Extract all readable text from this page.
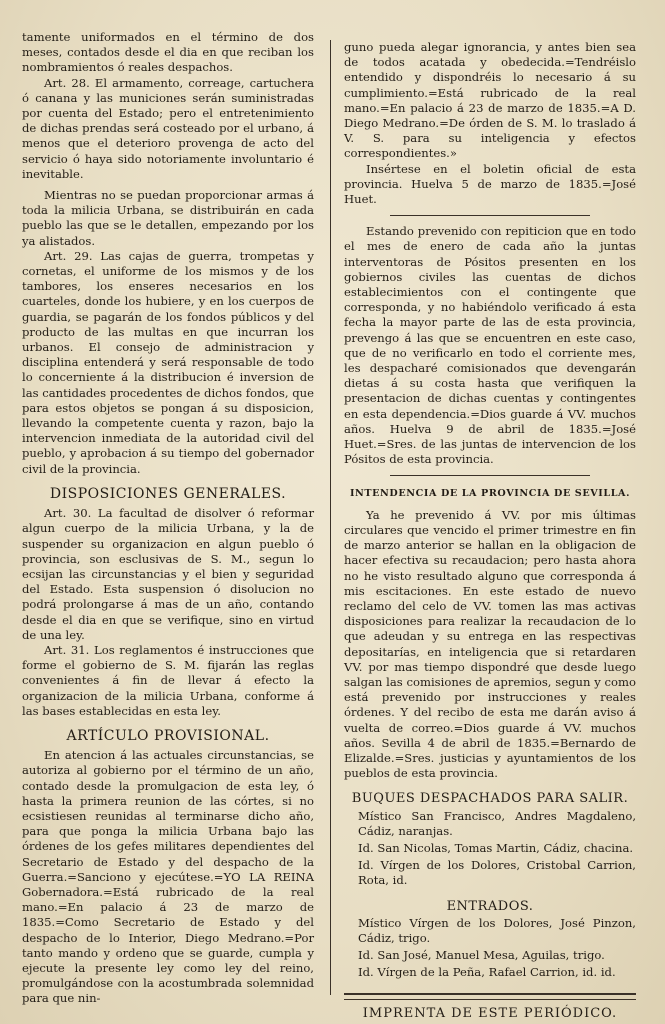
tamente uniformados en el término de dos meses, contados desde el dia en que reciban los nombramientos ó reales despachos.

Art. 28. El armamento, correage, cartuchera ó canana y las municiones serán suministradas por cuenta del Estado; pero el entretenimiento de dichas prendas será costeado por el urbano, á menos que el deterioro provenga de acto del servicio ó haya sido notoriamente involuntario é inevitable.

Mientras no se puedan proporcionar armas á toda la milicia Urbana, se distribuirán en cada pueblo las que se le detallen, empezando por los ya alistados.

Art. 29. Las cajas de guerra, trompetas y cornetas, el uniforme de los mismos y de los tambores, los enseres necesarios en los cuarteles, donde los hubiere, y en los cuerpos de guardia, se pagarán de los fondos públicos y del producto de las multas en que incurran los urbanos. El consejo de administracion y disciplina entenderá y será responsable de todo lo concerniente á la distribucion é inversion de las cantidades procedentes de dichos fondos, que para estos objetos se pongan á su disposicion, llevando la competente cuenta y razon, bajo la intervencion inmediata de la autoridad civil del pueblo, y aprobacion á su tiempo del gobernador civil de la provincia.

DISPOSICIONES GENERALES.

Art. 30. La facultad de disolver ó reformar algun cuerpo de la milicia Urbana, y la de suspender su organizacion en algun pueblo ó provincia, son esclusivas de S. M., segun lo ecsijan las circunstancias y el bien y seguridad del Estado. Esta suspension ó disolucion no podrá prolongarse á mas de un año, contando desde el dia en que se verifique, sino en virtud de una ley.

Art. 31. Los reglamentos é instrucciones que forme el gobierno de S. M. fijarán las reglas convenientes á fin de llevar á efecto la organizacion de la milicia Urbana, conforme á las bases establecidas en esta ley.

ARTÍCULO PROVISIONAL.

En atencion á las actuales circunstancias, se autoriza al gobierno por el término de un año, contado desde la promulgacion de esta ley, ó hasta la primera reunion de las córtes, si no ecsistiesen reunidas al terminarse dicho año, para que ponga la milicia Urbana bajo las órdenes de los gefes militares dependientes del Secretario de Estado y del despacho de la Guerra.=Sanciono y ejecútese.=YO LA REINA Gobernadora.=Está rubricado de la real mano.=En palacio á 23 de marzo de 1835.=Como Secretario de Estado y del despacho de lo Interior, Diego Medrano.=Por tanto mando y ordeno que se guarde, cumpla y ejecute la presente ley como ley del reino, promulgándose con la acostumbrada solemnidad para que nin-

guno pueda alegar ignorancia, y antes bien sea de todos acatada y obedecida.=Tendréislo entendido y dispondréis lo necesario á su cumplimiento.=Está rubricado de la real mano.=En palacio á 23 de marzo de 1835.=A D. Diego Medrano.=De órden de S. M. lo traslado á V. S. para su inteligencia y efectos correspondientes.»

Insértese en el boletin oficial de esta provincia. Huelva 5 de marzo de 1835.=José Huet.

Estando prevenido con repiticion que en todo el mes de enero de cada año la juntas interventoras de Pósitos presenten en los gobiernos civiles las cuentas de dichos establecimientos con el contingente que corresponda, y no habiéndolo verificado á esta fecha la mayor parte de las de esta provincia, prevengo á las que se encuentren en este caso, que de no verificarlo en todo el corriente mes, les despacharé comisionados que devengarán dietas á su costa hasta que verifiquen la presentacion de dichas cuentas y contingentes en esta dependencia.=Dios guarde á VV. muchos años. Huelva 9 de abril de 1835.=José Huet.=Sres. de las juntas de intervencion de los Pósitos de esta provincia.

INTENDENCIA DE LA PROVINCIA DE SEVILLA.

Ya he prevenido á VV. por mis últimas circulares que vencido el primer trimestre en fin de marzo anterior se hallan en la obligacion de hacer efectiva su recaudacion; pero hasta ahora no he visto resultado alguno que corresponda á mis escitaciones. En este estado de nuevo reclamo del celo de VV. tomen las mas activas disposiciones para realizar la recaudacion de lo que adeudan y su entrega en las respectivas depositarías, en inteligencia que si retardaren VV. por mas tiempo dispondré que desde luego salgan las comisiones de apremios, segun y como está prevenido por instrucciones y reales órdenes. Y del recibo de esta me darán aviso á vuelta de correo.=Dios guarde á VV. muchos años. Sevilla 4 de abril de 1835.=Bernardo de Elizalde.=Sres. justicias y ayuntamientos de los pueblos de esta provincia.

BUQUES DESPACHADOS PARA SALIR.
Místico San Francisco, Andres Magdaleno, Cádiz, naranjas.
Id. San Nicolas, Tomas Martin, Cádiz, chacina.
Id. Vírgen de los Dolores, Cristobal Carrion, Rota, id.
ENTRADOS.
Místico Vírgen de los Dolores, José Pinzon, Cádiz, trigo.
Id. San José, Manuel Mesa, Aguilas, trigo.
Id. Vírgen de la Peña, Rafael Carrion, id. id.
IMPRENTA DE ESTE PERIÓDICO.
